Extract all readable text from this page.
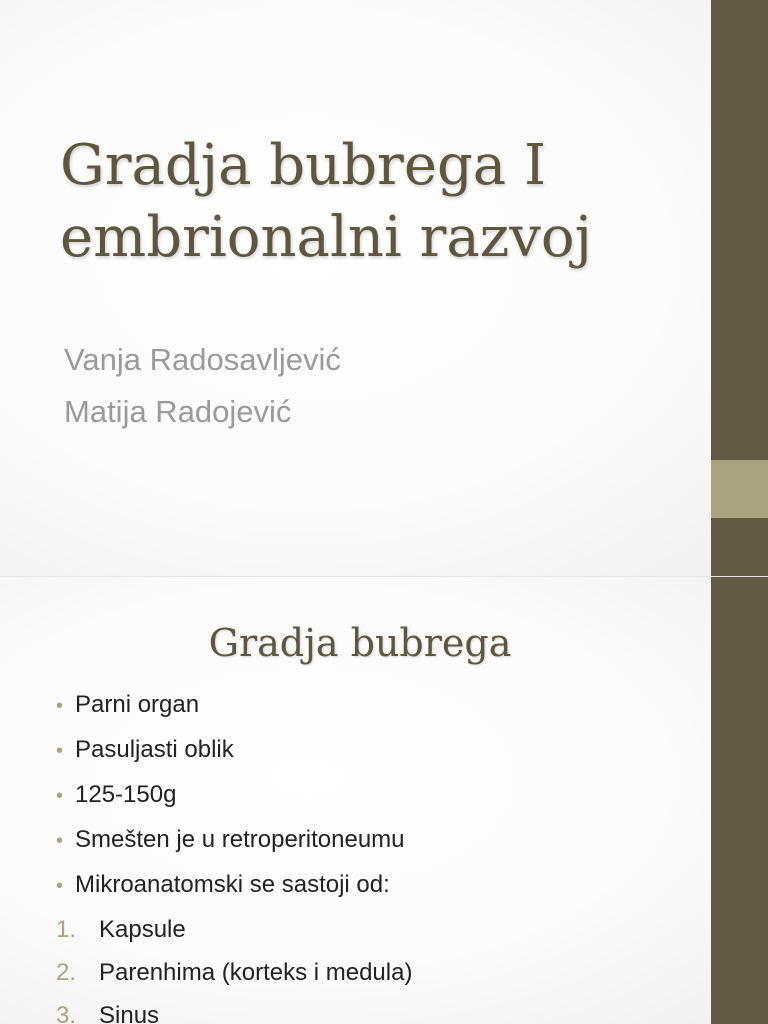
Gradja bubrega I
embrionalni razvoj
Vanja Radosavljević
Matija Radojević
Gradja bubrega
• Parni organ
• Pasuljasti oblik
• 125-150g
• Smešten je u retroperitoneumu
• Mikroanatomski se sastoji od:
1. Kapsule
2. Parenhima (korteks i medula)
3. Sinus
